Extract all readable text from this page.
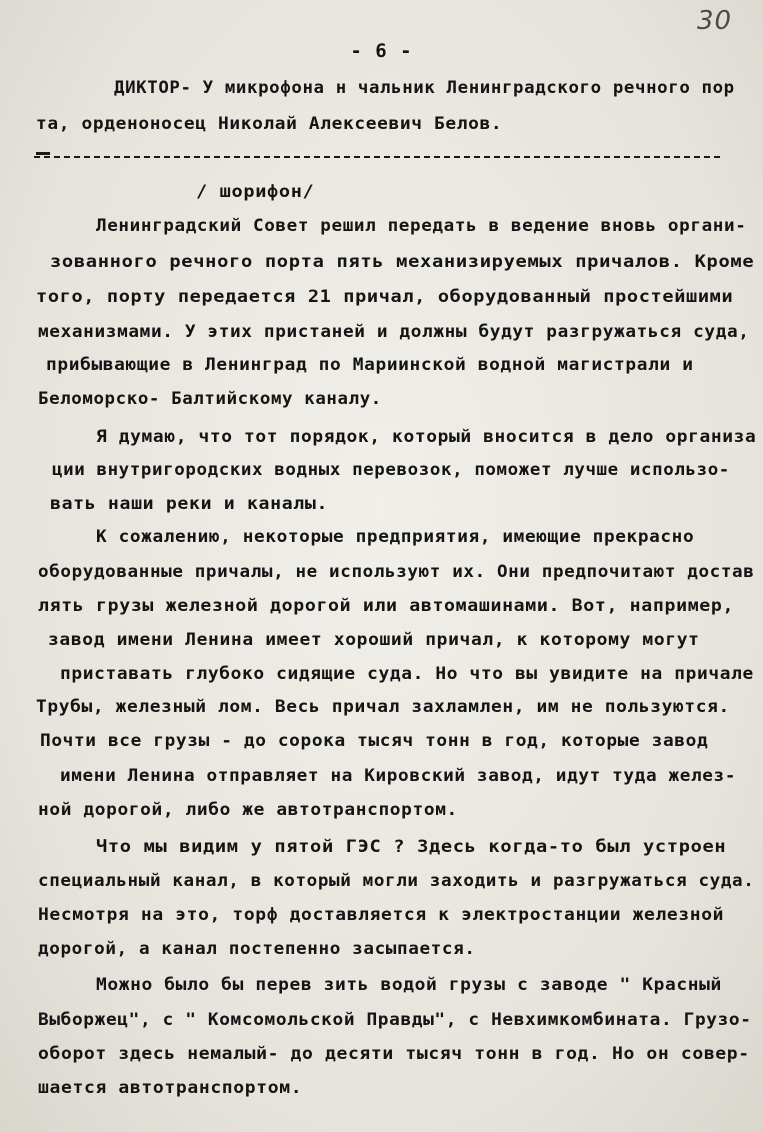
30
- 6 -
ДИКТОР- У микрофона н чальник Ленинградского речного пор
та, орденоносец Николай Алексеевич Белов.
/ шорифон/
Ленинградский Совет решил передать в ведение вновь органи-
зованного речного порта пять механизируемых причалов. Кроме
того, порту передается 21 причал, оборудованный простейшими
механизмами. У этих пристаней и должны будут разгружаться суда,
прибывающие в Ленинград по Мариинской водной магистрали и
Беломорско- Балтийскому каналу.
Я думаю, что тот порядок, который вносится в дело организа
ции внутригородских водных перевозок, поможет лучше использо-
вать наши реки и каналы.
К сожалению, некоторые предприятия, имеющие прекрасно
оборудованные причалы, не используют их. Они предпочитают достав
лять грузы железной дорогой или автомашинами. Вот, например,
завод имени Ленина имеет хороший причал, к которому могут
приставать глубоко сидящие суда. Но что вы увидите на причале
Трубы, железный лом. Весь причал захламлен, им не пользуются.
Почти все грузы - до сорока тысяч тонн в год, которые завод
имени Ленина отправляет на Кировский завод, идут туда желез-
ной дорогой, либо же автотранспортом.
Что мы видим у пятой ГЭС ? Здесь когда-то был устроен
специальный канал, в который могли заходить и разгружаться суда.
Несмотря на это, торф доставляется к электростанции железной
дорогой, а канал постепенно засыпается.
Можно было бы перев зить водой грузы с заводе " Красный
Выборжец", с " Комсомольской Правды", с Невхимкомбината. Грузо-
оборот здесь немалый- до десяти тысяч тонн в год. Но он совер-
шается автотранспортом.
